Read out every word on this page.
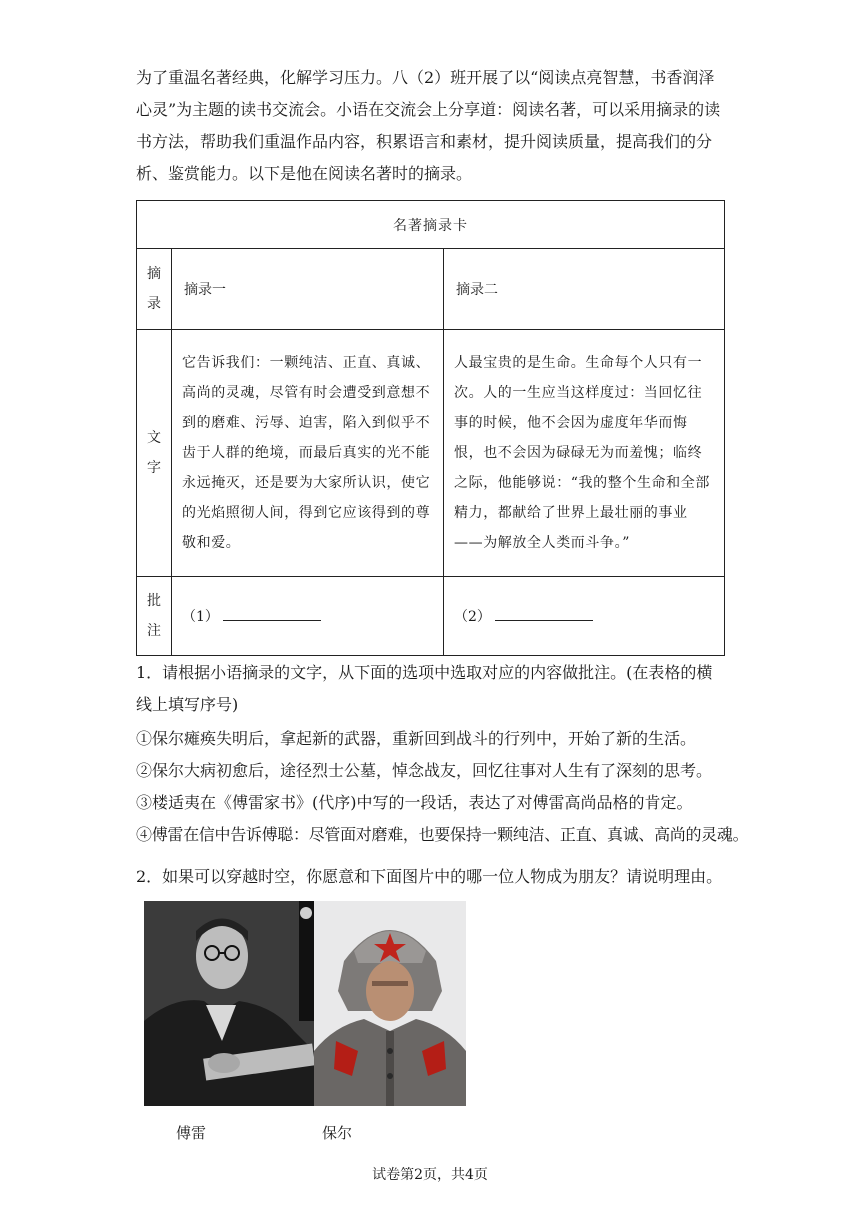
为了重温名著经典，化解学习压力。八（2）班开展了以“阅读点亮智慧，书香润泽心灵”为主题的读书交流会。小语在交流会上分享道：阅读名著，可以采用摘录的读书方法，帮助我们重温作品内容，积累语言和素材，提升阅读质量，提高我们的分析、鉴赏能力。以下是他在阅读名著时的摘录。
名著摘录卡		
摘
录	摘录一	摘录二
文
字	它告诉我们：一颗纯洁、正直、真诚、高尚的灵魂，尽管有时会遭受到意想不到的磨难、污辱、迫害，陷入到似乎不齿于人群的绝境，而最后真实的光不能永远掩灭，还是要为大家所认识，使它的光焰照彻人间，得到它应该得到的尊敬和爱。	人最宝贵的是生命。生命每个人只有一次。人的一生应当这样度过：当回忆往事的时候，他不会因为虚度年华而悔恨，也不会因为碌碌无为而羞愧；临终之际，他能够说：“我的整个生命和全部精力，都献给了世界上最壮丽的事业——为解放全人类而斗争。”
批
注	（1）	（2）
1．请根据小语摘录的文字，从下面的选项中选取对应的内容做批注。(在表格的横线上填写序号)
①保尔瘫痪失明后，拿起新的武器，重新回到战斗的行列中，开始了新的生活。
②保尔大病初愈后，途径烈士公墓，悼念战友，回忆往事对人生有了深刻的思考。
③楼适夷在《傅雷家书》(代序)中写的一段话，表达了对傅雷高尚品格的肯定。
④傅雷在信中告诉傅聪：尽管面对磨难，也要保持一颗纯洁、正直、真诚、高尚的灵魂。
2．如果可以穿越时空，你愿意和下面图片中的哪一位人物成为朋友？请说明理由。
傅雷	保尔
试卷第2页，共4页
